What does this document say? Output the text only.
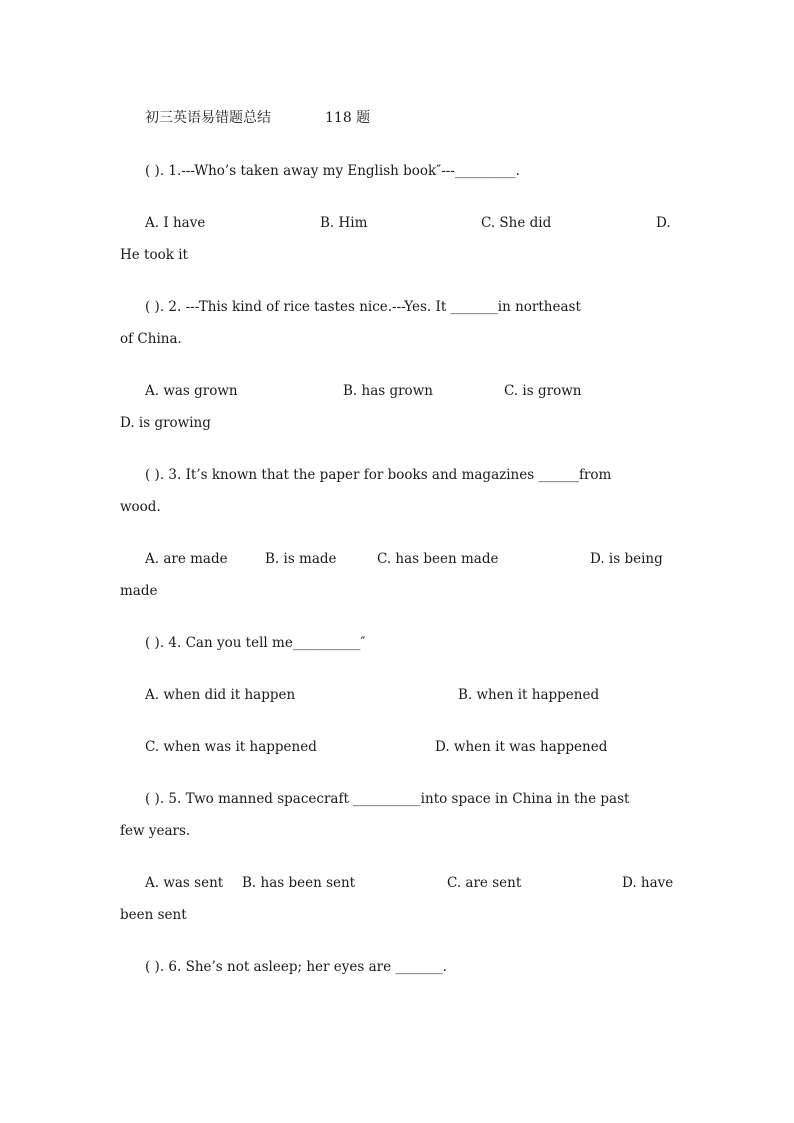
初三英语易错题总结	118 题
( ). 1.---Who’s taken away my English book″---_________.
A. I have	B. Him	C. She did	D.
He took it
( ). 2. ---This kind of rice tastes nice.---Yes. It _______in northeast
of China.
A. was grown	B. has grown	C. is grown
D. is growing
( ). 3. It’s known that the paper for books and magazines ______from
wood.
A. are made	B. is made	C. has been made	D. is being
made
( ). 4. Can you tell me__________″
A. when did it happen	B. when it happened
C. when was it happened	D. when it was happened
( ). 5. Two manned spacecraft __________into space in China in the past
few years.
A. was sent B. has been sent	C. are sent	D. have
been sent
( ). 6. She’s not asleep; her eyes are _______.
